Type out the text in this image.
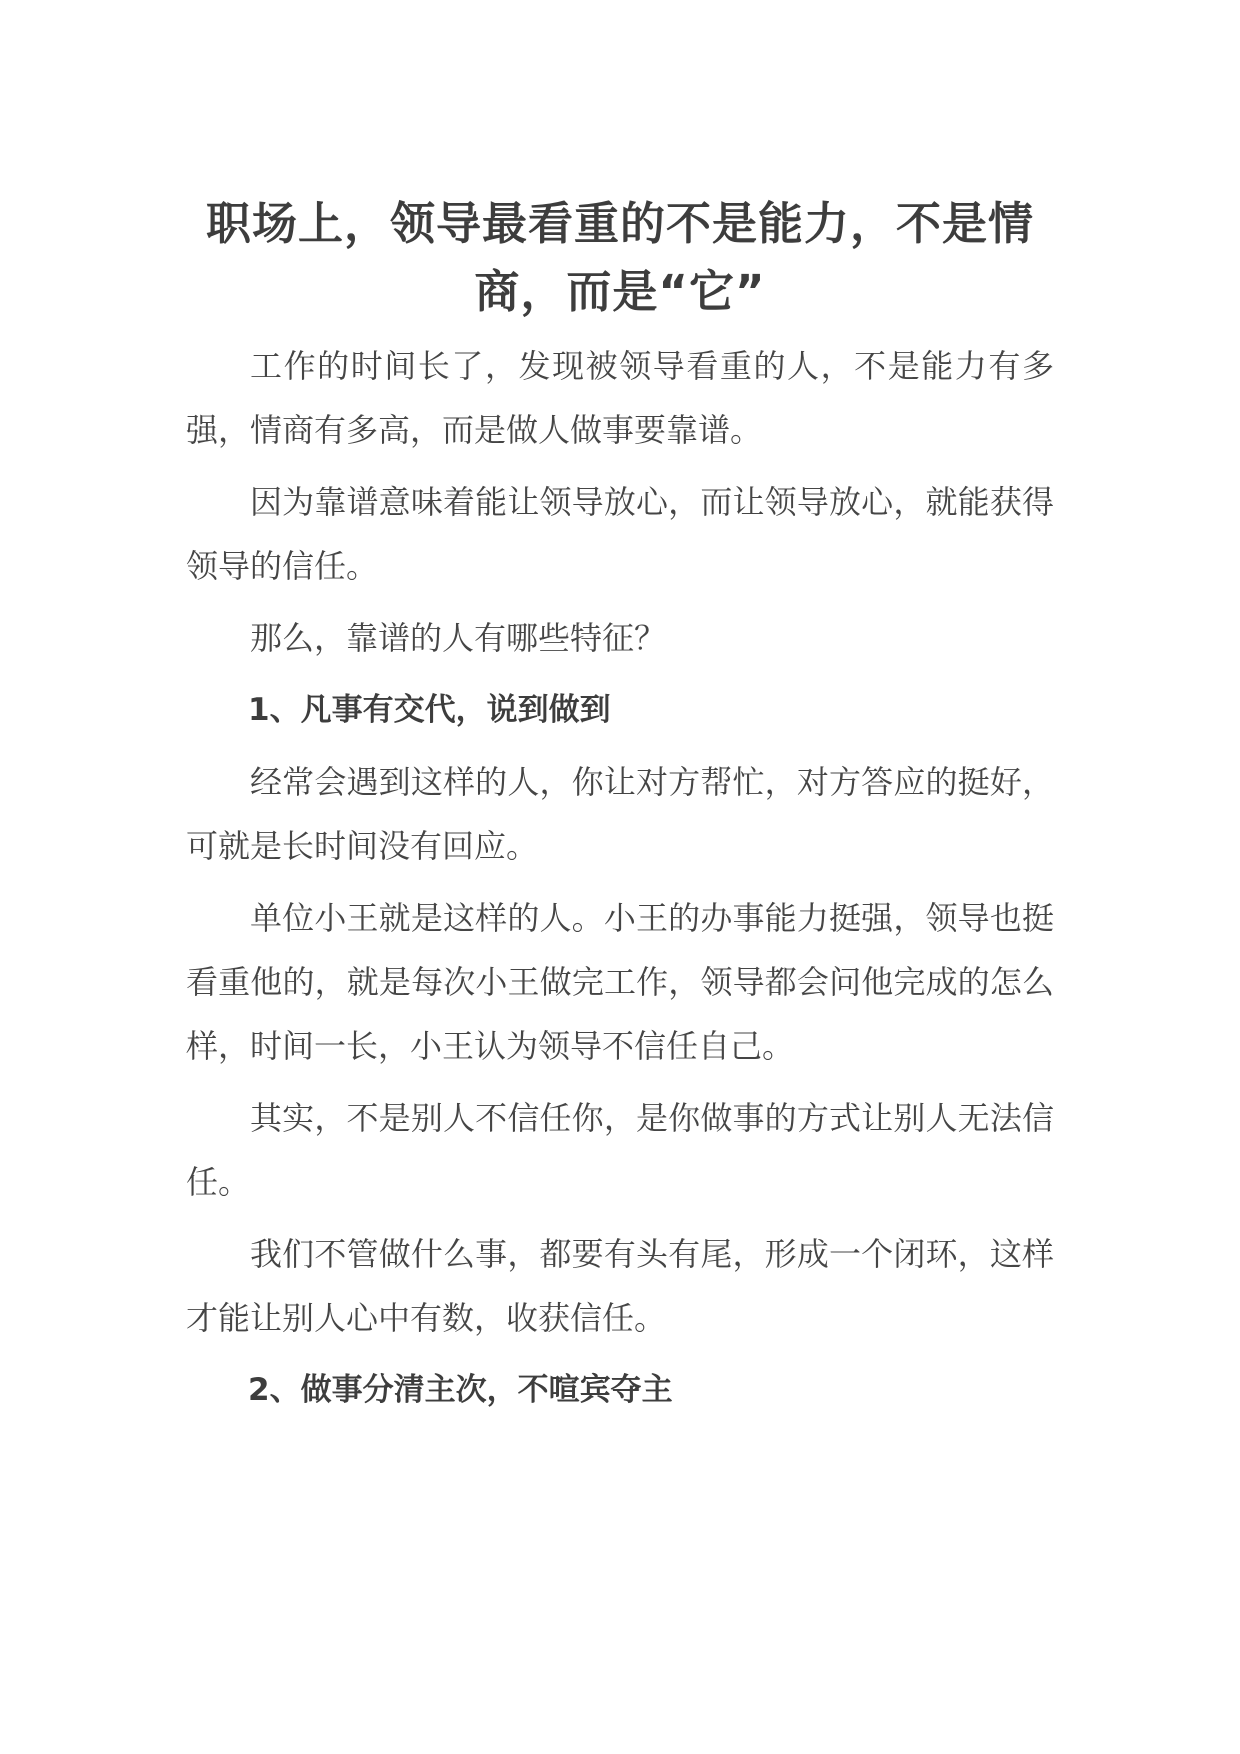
职场上，领导最看重的不是能力，不是情商，而是“它”

工作的时间长了，发现被领导看重的人，不是能力有多强，情商有多高，而是做人做事要靠谱。

因为靠谱意味着能让领导放心，而让领导放心，就能获得领导的信任。

那么，靠谱的人有哪些特征？

1、凡事有交代，说到做到

经常会遇到这样的人，你让对方帮忙，对方答应的挺好，可就是长时间没有回应。

单位小王就是这样的人。小王的办事能力挺强，领导也挺看重他的，就是每次小王做完工作，领导都会问他完成的怎么样，时间一长，小王认为领导不信任自己。

其实，不是别人不信任你，是你做事的方式让别人无法信任。

我们不管做什么事，都要有头有尾，形成一个闭环，这样才能让别人心中有数，收获信任。

2、做事分清主次，不喧宾夺主
